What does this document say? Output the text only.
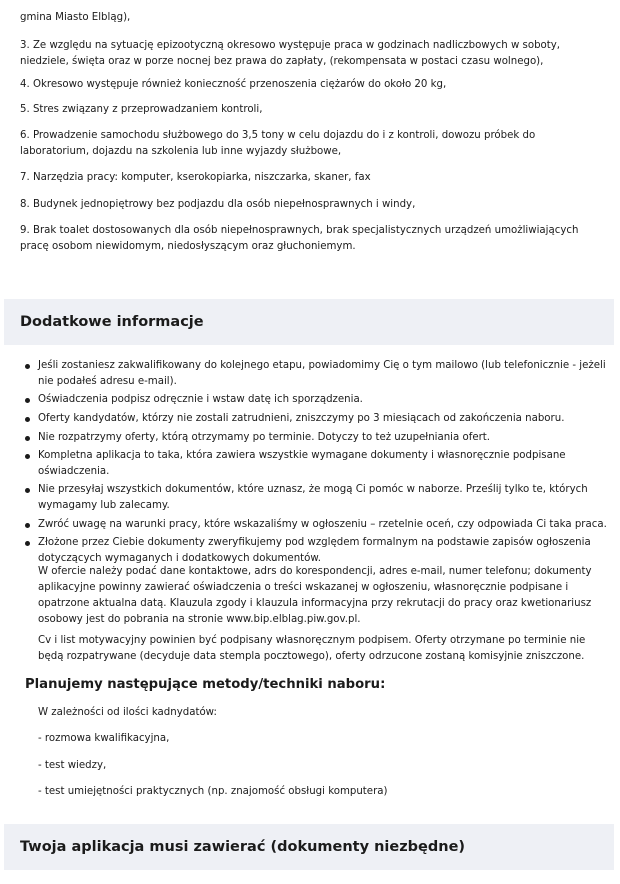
gmina Miasto Elbląg),

3. Ze względu na sytuację epizootyczną okresowo występuje praca w godzinach nadliczbowych w soboty, niedziele, święta oraz w porze nocnej bez prawa do zapłaty, (rekompensata w postaci czasu wolnego),

4. Okresowo występuje również konieczność przenoszenia ciężarów do około 20 kg,

5. Stres związany z przeprowadzaniem kontroli,

6. Prowadzenie samochodu służbowego do 3,5 tony w celu dojazdu do i z kontroli, dowozu próbek do laboratorium, dojazdu na szkolenia lub inne wyjazdy służbowe,

7. Narzędzia pracy: komputer, kserokopiarka, niszczarka, skaner, fax

8. Budynek jednopiętrowy bez podjazdu dla osób niepełnosprawnych i windy,

9. Brak toalet dostosowanych dla osób niepełnosprawnych, brak specjalistycznych urządzeń umożliwiających pracę osobom niewidomym, niedosłyszącym oraz głuchoniemym.

Dodatkowe informacje
Jeśli zostaniesz zakwalifikowany do kolejnego etapu, powiadomimy Cię o tym mailowo (lub telefonicznie - jeżeli nie podałeś adresu e-mail).
Oświadczenia podpisz odręcznie i wstaw datę ich sporządzenia.
Oferty kandydatów, którzy nie zostali zatrudnieni, zniszczymy po 3 miesiącach od zakończenia naboru.
Nie rozpatrzymy oferty, którą otrzymamy po terminie. Dotyczy to też uzupełniania ofert.
Kompletna aplikacja to taka, która zawiera wszystkie wymagane dokumenty i własnoręcznie podpisane oświadczenia.
Nie przesyłaj wszystkich dokumentów, które uznasz, że mogą Ci pomóc w naborze. Prześlij tylko te, których wymagamy lub zalecamy.
Zwróć uwagę na warunki pracy, które wskazaliśmy w ogłoszeniu – rzetelnie oceń, czy odpowiada Ci taka praca.
Złożone przez Ciebie dokumenty zweryfikujemy pod względem formalnym na podstawie zapisów ogłoszenia dotyczących wymaganych i dodatkowych dokumentów.

W ofercie należy podać dane kontaktowe, adrs do korespondencji, adres e-mail, numer telefonu; dokumenty aplikacyjne powinny zawierać oświadczenia o treści wskazanej w ogłoszeniu, własnoręcznie podpisane i opatrzone aktualna datą. Klauzula zgody i klauzula informacyjna przy rekrutacji do pracy oraz kwetionariusz osobowy jest do pobrania na stronie www.bip.elblag.piw.gov.pl.

Cv i list motywacyjny powinien być podpisany własnoręcznym podpisem. Oferty otrzymane po terminie nie będą rozpatrywane (decyduje data stempla pocztowego), oferty odrzucone zostaną komisyjnie zniszczone.

Planujemy następujące metody/techniki naboru:

W zależności od ilości kadnydatów:

- rozmowa kwalifikacyjna,

- test wiedzy,

- test umiejętności praktycznych (np. znajomość obsługi komputera)

Twoja aplikacja musi zawierać (dokumenty niezbędne)
